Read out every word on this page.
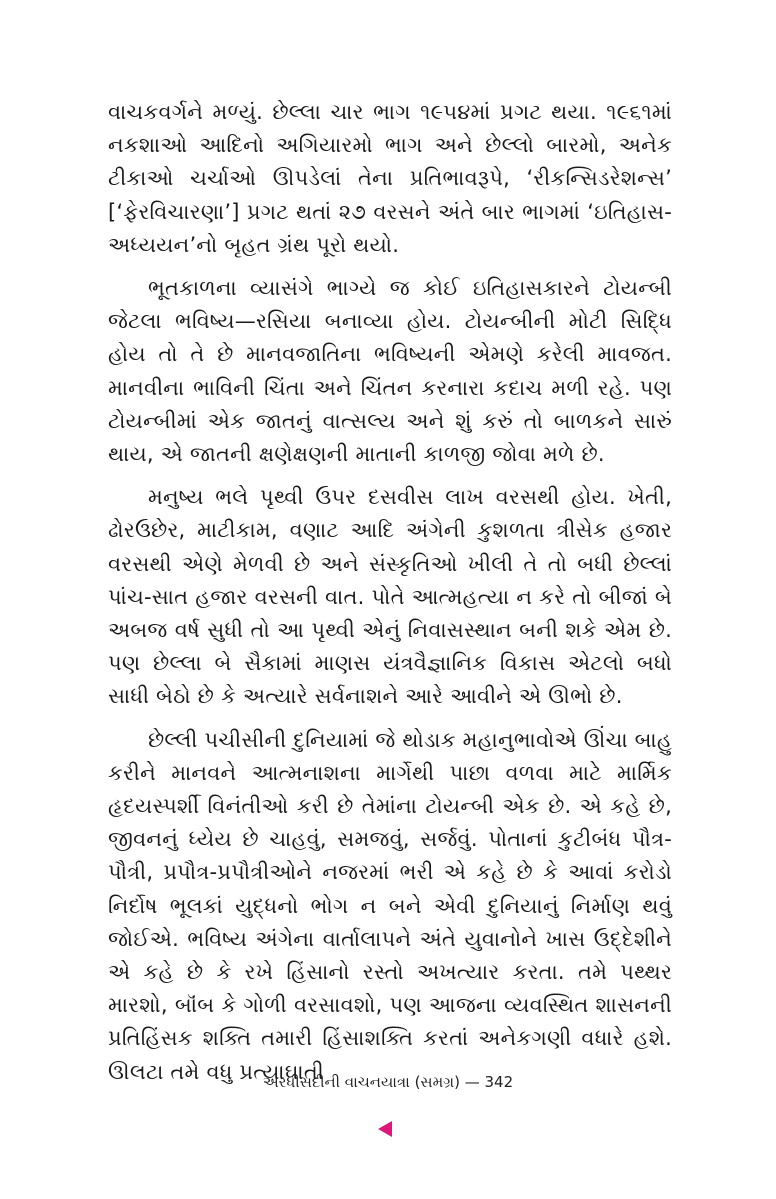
વાચકવર્ગને મળ્યું. છેલ્લા ચાર ભાગ ૧૯૫૪માં પ્રગટ થયા. ૧૯૬૧માં નકશાઓ આદિનો અગિયારમો ભાગ અને છેલ્લો બારમો, અનેક ટીકાઓ ચર્ચાઓ ઊપડેલાં તેના પ્રતિભાવરૂપે, ‘રીકન્સિડરેશન્સ’ [‘ફેરવિચારણા’] પ્રગટ થતાં ૨૭ વરસને અંતે બાર ભાગમાં ‘ઇતિહાસ-અધ્યયન’નો બૃહત ગ્રંથ પૂરો થયો.

ભૂતકાળના વ્યાસંગે ભાગ્યે જ કોઈ ઇતિહાસકારને ટોયન્બી જેટલા ભવિષ્ય—રસિયા બનાવ્યા હોય. ટોયન્બીની મોટી સિદ્ધિ હોય તો તે છે માનવજાતિના ભવિષ્યની એમણે કરેલી માવજત. માનવીના ભાવિની ચિંતા અને ચિંતન કરનારા કદાચ મળી રહે. પણ ટોયન્બીમાં એક જાતનું વાત્સલ્ય અને શું કરું તો બાળકને સારું થાય, એ જાતની ક્ષણેક્ષણની માતાની કાળજી જોવા મળે છે.

મનુષ્ય ભલે પૃથ્વી ઉપર દસવીસ લાખ વરસથી હોય. ખેતી, ઢોરઉછેર, માટીકામ, વણાટ આદિ અંગેની કુશળતા ત્રીસેક હજાર વરસથી એણે મેળવી છે અને સંસ્કૃતિઓ ખીલી તે તો બધી છેલ્લાં પાંચ-સાત હજાર વરસની વાત. પોતે આત્મહત્યા ન કરે તો બીજાં બે અબજ વર્ષ સુધી તો આ પૃથ્વી એનું નિવાસસ્થાન બની શકે એમ છે. પણ છેલ્લા બે સૈકામાં માણસ યંત્રવૈજ્ઞાનિક વિકાસ એટલો બધો સાધી બેઠો છે કે અત્યારે સર્વનાશને આરે આવીને એ ઊભો છે.

છેલ્લી પચીસીની દુનિયામાં જે થોડાક મહાનુભાવોએ ઊંચા બાહુ કરીને માનવને આત્મનાશના માર્ગેથી પાછા વળવા માટે માર્મિક હૃદયસ્પર્શી વિનંતીઓ કરી છે તેમાંના ટોયન્બી એક છે. એ કહે છે, જીવનનું ધ્યેય છે ચાહવું, સમજવું, સર્જવું. પોતાનાં કુટીબંધ પૌત્ર-પૌત્રી, પ્રપૌત્ર-પ્રપૌત્રીઓને નજરમાં ભરી એ કહે છે કે આવાં કરોડો નિર્દોષ ભૂલકાં યુદ્ધનો ભોગ ન બને એવી દુનિયાનું નિર્માણ થવું જોઈએ. ભવિષ્ય અંગેના વાર્તાલાપને અંતે યુવાનોને ખાસ ઉદ્દેશીને એ કહે છે કે રખે હિંસાનો રસ્તો અખત્યાર કરતા. તમે પથ્થર મારશો, બૉંબ કે ગોળી વરસાવશો, પણ આજના વ્યવસ્થિત શાસનની પ્રતિહિંસક શક્તિ તમારી હિંસાશક્તિ કરતાં અનેકગણી વધારે હશે. ઊલટા તમે વધુ પ્રત્યાઘાતી

અરધીસદીની વાચનયાત્રા (સમગ્ર) — 342
